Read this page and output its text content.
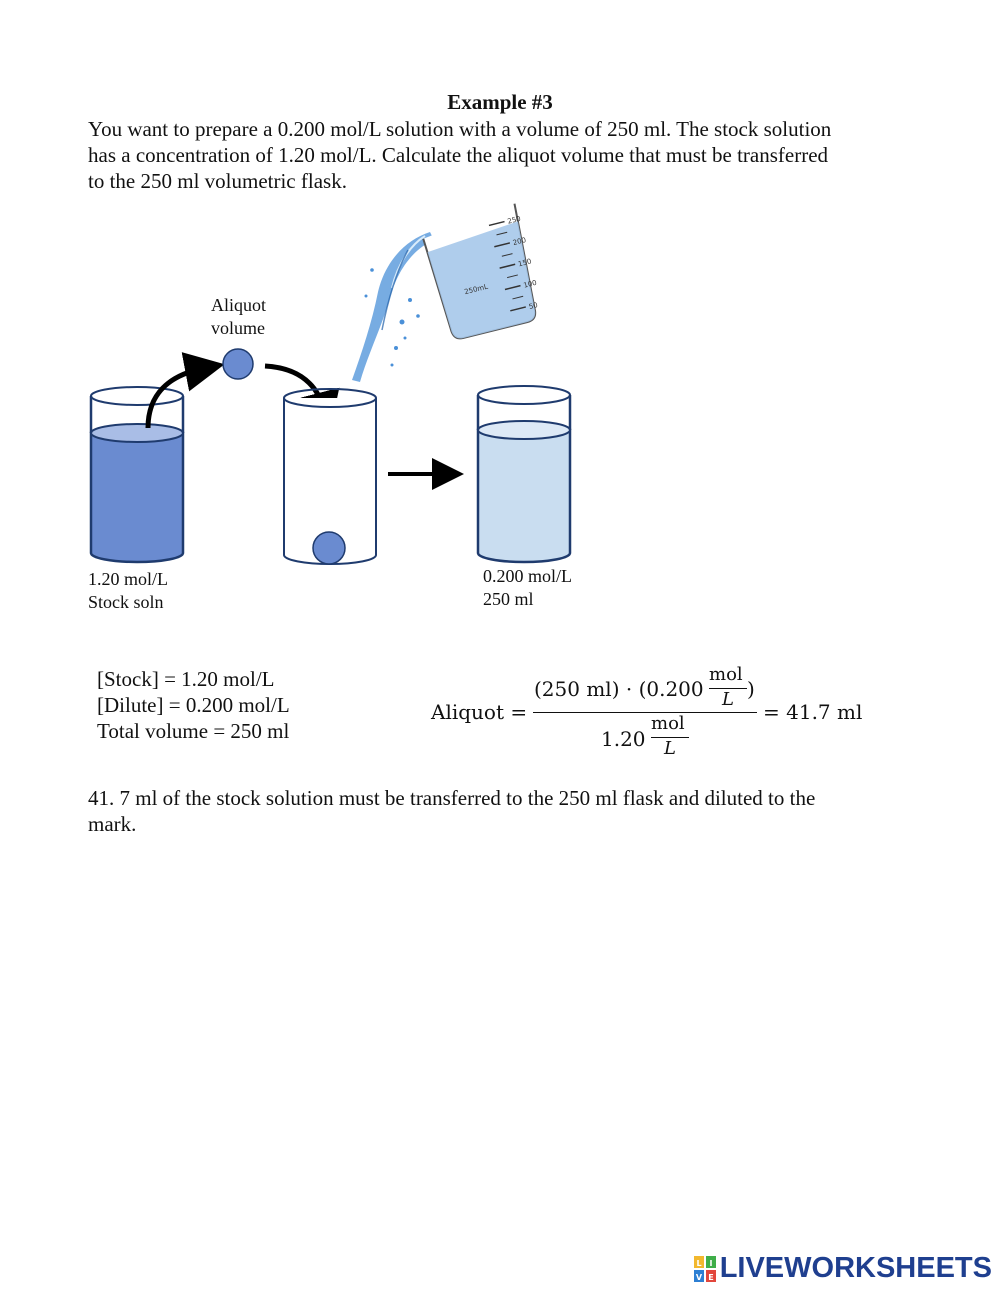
Example #3
You want to prepare a 0.200 mol/L solution with a volume of 250 ml. The stock solution
has a concentration of 1.20 mol/L. Calculate the aliquot volume that must be transferred
to the 250 ml volumetric flask.
250
200
150
100
50
250mL
Aliquot
volume
1.20 mol/L
Stock soln
0.200 mol/L
250 ml
[Stock] = 1.20 mol/L
[Dilute] = 0.200 mol/L
Total volume = 250 ml
Aliquot =
(250 ml) · (0.200
mol
L )
1.20
mol
L
= 41.7 ml
41. 7 ml of the stock solution must be transferred to the 250 ml flask and diluted to the
mark.
L I
V E LIVEWORKSHEETS
